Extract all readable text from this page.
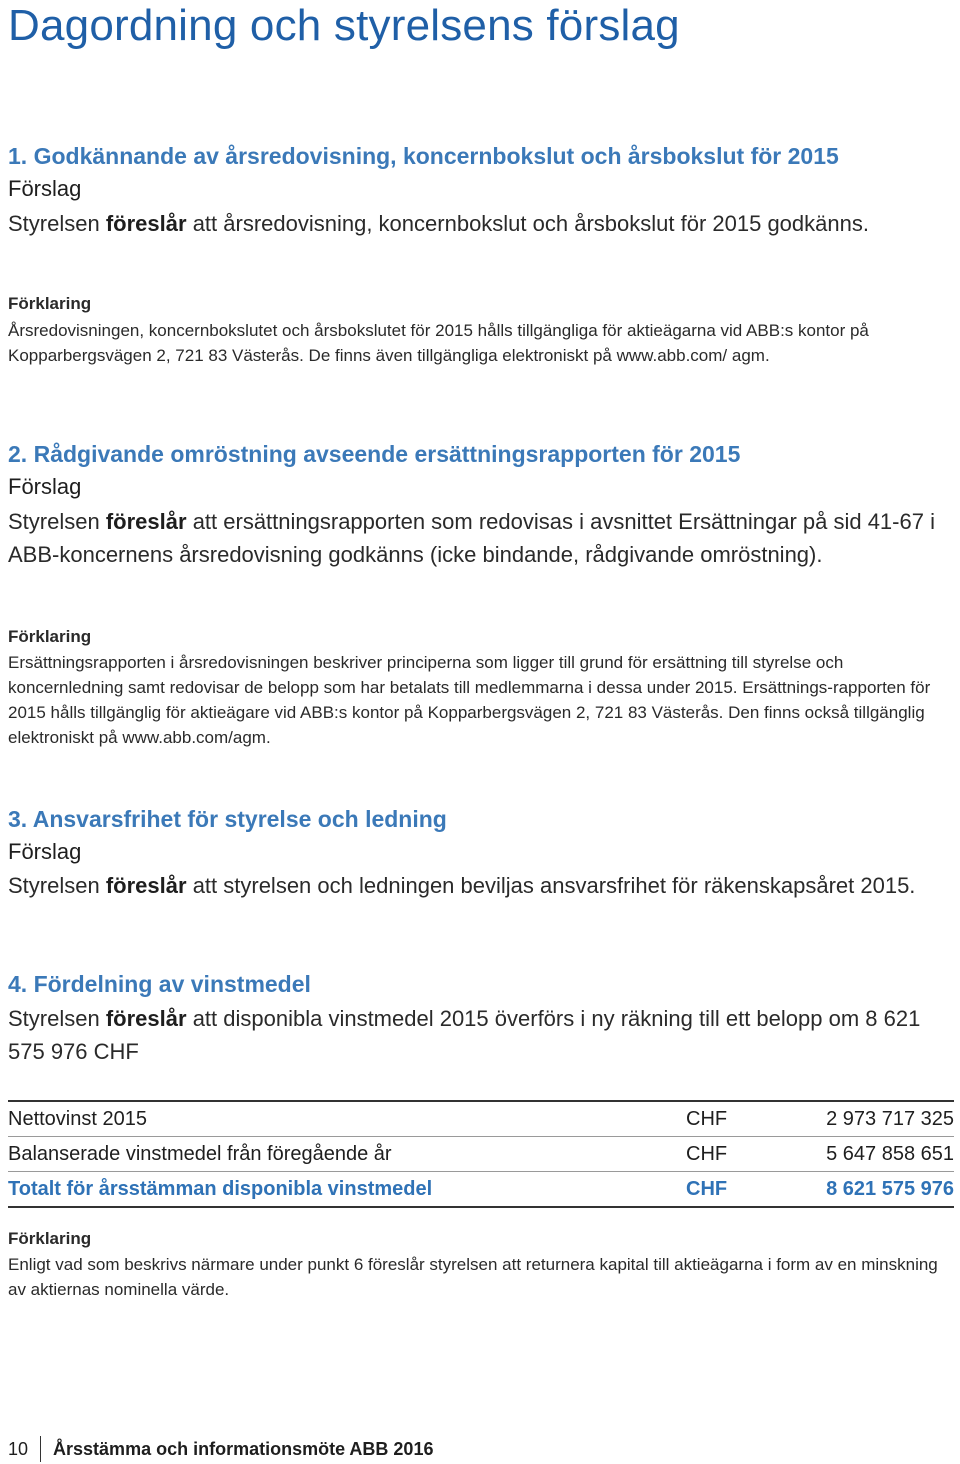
Dagordning och styrelsens förslag
1. Godkännande av årsredovisning, koncernbokslut och årsbokslut för 2015
Förslag
Styrelsen föreslår att årsredovisning, koncernbokslut och årsbokslut för 2015 godkänns.
Förklaring
Årsredovisningen, koncernbokslutet och årsbokslutet för 2015 hålls tillgängliga för aktieägarna vid ABB:s kontor på Kopparbergsvägen 2, 721 83 Västerås. De finns även tillgängliga elektroniskt på www.abb.com/ agm.
2. Rådgivande omröstning avseende ersättningsrapporten för 2015
Förslag
Styrelsen föreslår att ersättningsrapporten som redovisas i avsnittet Ersättningar på sid 41-67 i ABB-koncernens årsredovisning godkänns (icke bindande, rådgivande omröstning).
Förklaring
Ersättningsrapporten i årsredovisningen beskriver principerna som ligger till grund för ersättning till styrelse och koncernledning samt redovisar de belopp som har betalats till medlemmarna i dessa under 2015. Ersättnings-rapporten för 2015 hålls tillgänglig för aktieägare vid ABB:s kontor på Kopparbergsvägen 2, 721 83 Västerås. Den finns också tillgänglig elektroniskt på www.abb.com/agm.
3. Ansvarsfrihet för styrelse och ledning
Förslag
Styrelsen föreslår att styrelsen och ledningen beviljas ansvarsfrihet för räkenskapsåret 2015.
4. Fördelning av vinstmedel
Styrelsen föreslår att disponibla vinstmedel 2015 överförs i ny räkning till ett belopp om 8 621 575 976 CHF
Nettovinst 2015	CHF	2 973 717 325
Balanserade vinstmedel från föregående år	CHF	5 647 858 651
Totalt för årsstämman disponibla vinstmedel	CHF	8 621 575 976
Förklaring
Enligt vad som beskrivs närmare under punkt 6 föreslår styrelsen att returnera kapital till aktieägarna i form av en minskning av aktiernas nominella värde.
10 Årsstämma och informationsmöte ABB 2016
